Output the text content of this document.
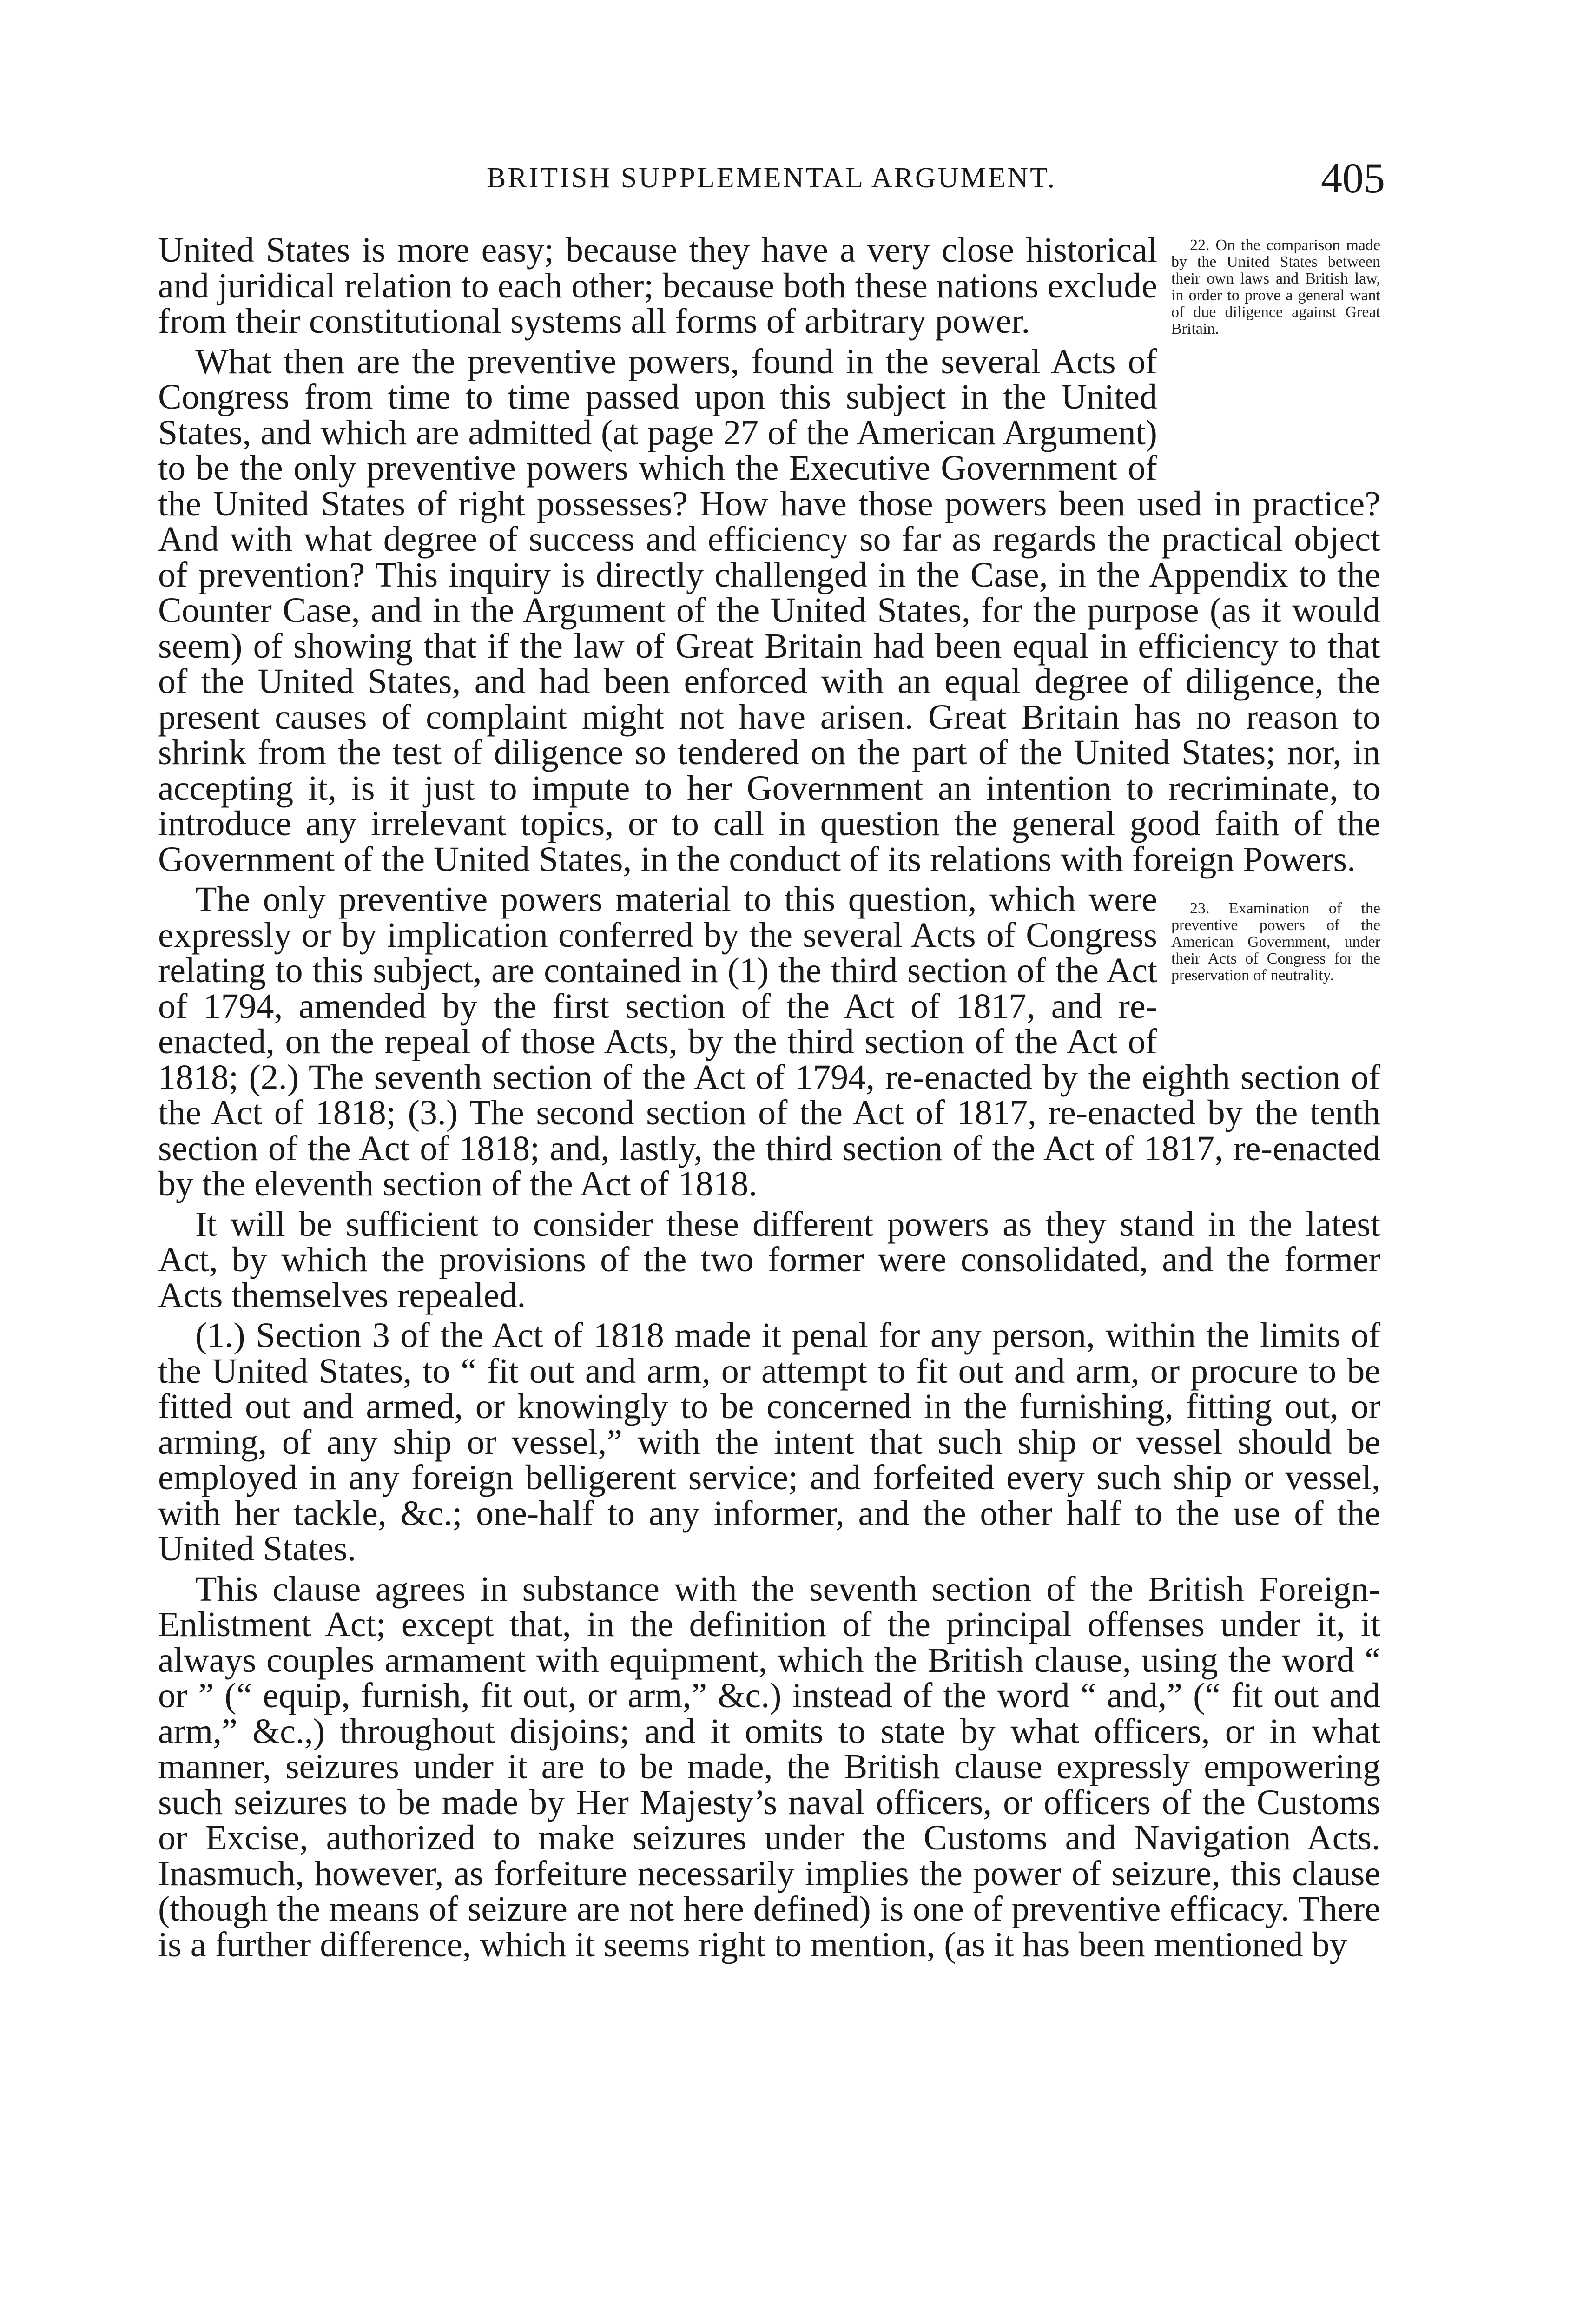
BRITISH SUPPLEMENTAL ARGUMENT.	405
22. On the comparison made by the United States between their own laws and British law, in order to prove a general want of due diligence against Great Britain.

United States is more easy; because they have a very close historical and juridical relation to each other; because both these nations exclude from their constitutional systems all forms of arbitrary power.

What then are the preventive powers, found in the several Acts of Congress from time to time passed upon this subject in the United States, and which are admitted (at page 27 of the American Argument) to be the only preventive powers which the Executive Government of the United States of right possesses? How have those powers been used in practice? And with what degree of success and efficiency so far as regards the practical object of prevention? This inquiry is directly challenged in the Case, in the Appendix to the Counter Case, and in the Argument of the United States, for the purpose (as it would seem) of showing that if the law of Great Britain had been equal in efficiency to that of the United States, and had been enforced with an equal degree of diligence, the present causes of complaint might not have arisen. Great Britain has no reason to shrink from the test of diligence so tendered on the part of the United States; nor, in accepting it, is it just to impute to her Government an intention to recriminate, to introduce any irrelevant topics, or to call in question the general good faith of the Government of the United States, in the conduct of its relations with foreign Powers.

23. Examination of the preventive powers of the American Government, under their Acts of Congress for the preservation of neutrality.

The only preventive powers material to this question, which were expressly or by implication conferred by the several Acts of Congress relating to this subject, are contained in (1) the third section of the Act of 1794, amended by the first section of the Act of 1817, and re-enacted, on the repeal of those Acts, by the third section of the Act of 1818; (2.) The seventh section of the Act of 1794, re-enacted by the eighth section of the Act of 1818; (3.) The second section of the Act of 1817, re-enacted by the tenth section of the Act of 1818; and, lastly, the third section of the Act of 1817, re-enacted by the eleventh section of the Act of 1818.

It will be sufficient to consider these different powers as they stand in the latest Act, by which the provisions of the two former were consolidated, and the former Acts themselves repealed.

(1.) Section 3 of the Act of 1818 made it penal for any person, within the limits of the United States, to “ fit out and arm, or attempt to fit out and arm, or procure to be fitted out and armed, or knowingly to be concerned in the furnishing, fitting out, or arming, of any ship or vessel,” with the intent that such ship or vessel should be employed in any foreign belligerent service; and forfeited every such ship or vessel, with her tackle, &c.; one-half to any informer, and the other half to the use of the United States.

This clause agrees in substance with the seventh section of the British Foreign-Enlistment Act; except that, in the definition of the principal offenses under it, it always couples armament with equipment, which the British clause, using the word “ or ” (“ equip, furnish, fit out, or arm,” &c.) instead of the word “ and,” (“ fit out and arm,” &c.,) throughout disjoins; and it omits to state by what officers, or in what manner, seizures under it are to be made, the British clause expressly empowering such seizures to be made by Her Majesty’s naval officers, or officers of the Customs or Excise, authorized to make seizures under the Customs and Navigation Acts. Inasmuch, however, as forfeiture necessarily implies the power of seizure, this clause (though the means of seizure are not here defined) is one of preventive efficacy. There is a further difference, which it seems right to mention, (as it has been mentioned by
